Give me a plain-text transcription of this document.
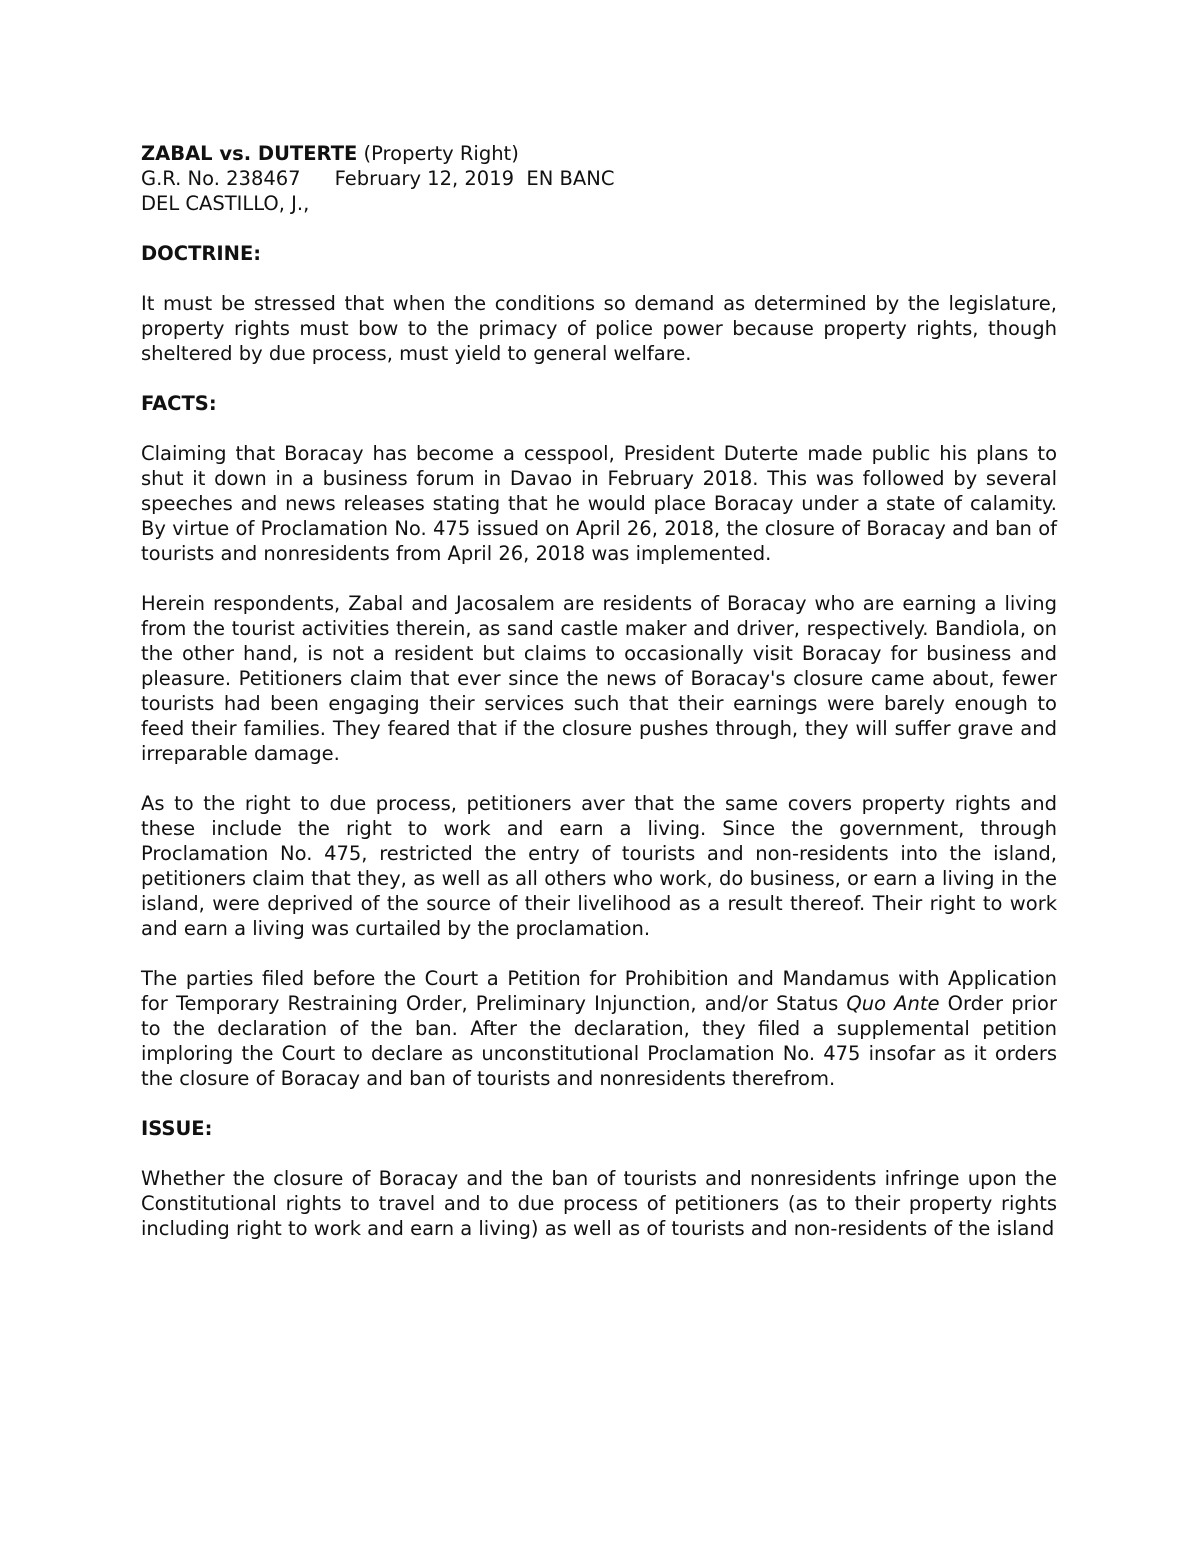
ZABAL vs. DUTERTE (Property Right)

G.R. No. 238467 February 12, 2019  EN BANC

DEL CASTILLO, J.,

DOCTRINE:

It must be stressed that when the conditions so demand as determined by the legislature, property rights must bow to the primacy of police power because property rights, though sheltered by due process, must yield to general welfare.

FACTS:

Claiming that Boracay has become a cesspool, President Duterte made public his plans to shut it down in a business forum in Davao in February 2018. This was followed by several speeches and news releases stating that he would place Boracay under a state of calamity. By virtue of Proclamation No. 475 issued on April 26, 2018, the closure of Boracay and ban of tourists and nonresidents from April 26, 2018 was implemented.

Herein respondents, Zabal and Jacosalem are residents of Boracay who are earning a living from the tourist activities therein, as sand castle maker and driver, respectively. Bandiola, on the other hand, is not a resident but claims to occasionally visit Boracay for business and pleasure. Petitioners claim that ever since the news of Boracay's closure came about, fewer tourists had been engaging their services such that their earnings were barely enough to feed their families. They feared that if the closure pushes through, they will suffer grave and irreparable damage.

As to the right to due process, petitioners aver that the same covers property rights and these include the right to work and earn a living. Since the government, through Proclamation No. 475, restricted the entry of tourists and non-residents into the island, petitioners claim that they, as well as all others who work, do business, or earn a living in the island, were deprived of the source of their livelihood as a result thereof. Their right to work and earn a living was curtailed by the proclamation.

The parties filed before the Court a Petition for Prohibition and Mandamus with Application for Temporary Restraining Order, Preliminary Injunction, and/or Status Quo Ante Order prior to the declaration of the ban. After the declaration, they filed a supplemental petition imploring the Court to declare as unconstitutional Proclamation No. 475 insofar as it orders the closure of Boracay and ban of tourists and nonresidents therefrom.

ISSUE:

Whether the closure of Boracay and the ban of tourists and nonresidents infringe upon the Constitutional rights to travel and to due process of petitioners (as to their property rights including right to work and earn a living) as well as of tourists and non-residents of the island
